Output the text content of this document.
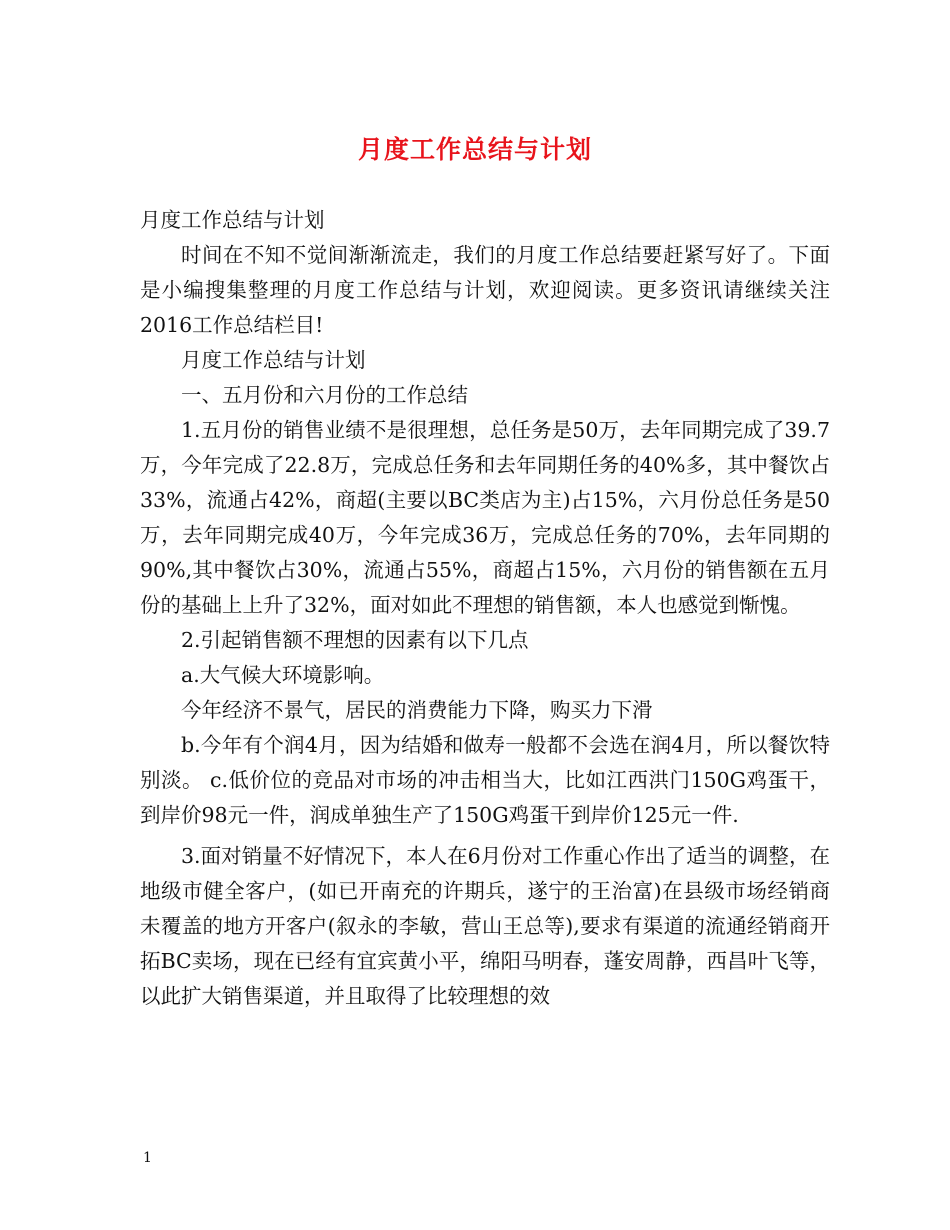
月度工作总结与计划

月度工作总结与计划

时间在不知不觉间渐渐流走，我们的月度工作总结要赶紧写好了。下面是小编搜集整理的月度工作总结与计划，欢迎阅读。更多资讯请继续关注2016工作总结栏目!

月度工作总结与计划

一、五月份和六月份的工作总结

1.五月份的销售业绩不是很理想，总任务是50万，去年同期完成了39.7万，今年完成了22.8万，完成总任务和去年同期任务的40%多，其中餐饮占33%，流通占42%，商超(主要以BC类店为主)占15%，六月份总任务是50万，去年同期完成40万，今年完成36万，完成总任务的70%，去年同期的90%,其中餐饮占30%，流通占55%，商超占15%，六月份的销售额在五月份的基础上上升了32%，面对如此不理想的销售额，本人也感觉到惭愧。

2.引起销售额不理想的因素有以下几点

a.大气候大环境影响。

今年经济不景气，居民的消费能力下降，购买力下滑

b.今年有个润4月，因为结婚和做寿一般都不会选在润4月，所以餐饮特别淡。 c.低价位的竞品对市场的冲击相当大，比如江西洪门150G鸡蛋干，到岸价98元一件，润成单独生产了150G鸡蛋干到岸价125元一件.

3.面对销量不好情况下，本人在6月份对工作重心作出了适当的调整，在地级市健全客户，(如已开南充的许期兵，遂宁的王治富)在县级市场经销商未覆盖的地方开客户(叙永的李敏，营山王总等),要求有渠道的流通经销商开拓BC卖场，现在已经有宜宾黄小平，绵阳马明春，蓬安周静，西昌叶飞等，以此扩大销售渠道，并且取得了比较理想的效

1
